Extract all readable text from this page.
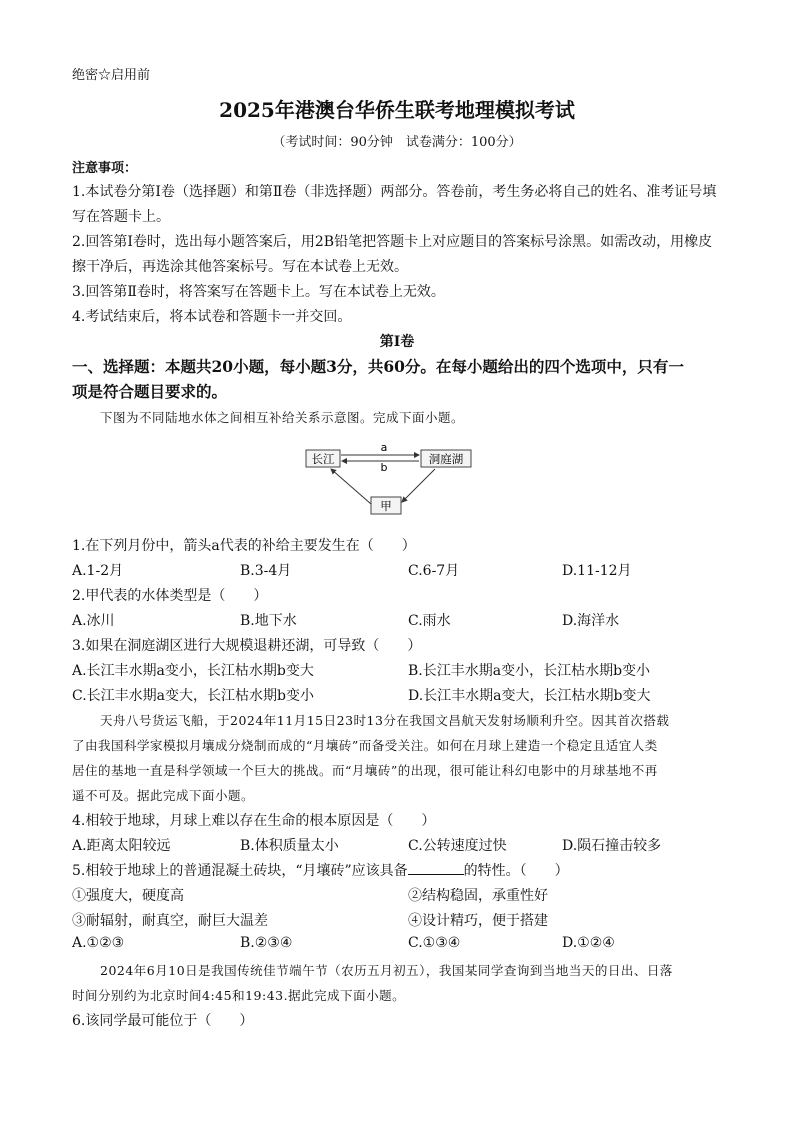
绝密☆启用前
2025年港澳台华侨生联考地理模拟考试
（考试时间：90分钟　试卷满分：100分）
注意事项：
1.本试卷分第Ⅰ卷（选择题）和第Ⅱ卷（非选择题）两部分。答卷前，考生务必将自己的姓名、准考证号填
写在答题卡上。
2.回答第Ⅰ卷时，选出每小题答案后，用2B铅笔把答题卡上对应题目的答案标号涂黑。如需改动，用橡皮
擦干净后，再选涂其他答案标号。写在本试卷上无效。
3.回答第Ⅱ卷时，将答案写在答题卡上。写在本试卷上无效。
4.考试结束后，将本试卷和答题卡一并交回。
第Ⅰ卷
一、选择题：本题共20小题，每小题3分，共60分。在每小题给出的四个选项中，只有一
项是符合题目要求的。
下图为不同陆地水体之间相互补给关系示意图。完成下面小题。
长江	洞庭湖
甲
a
b
1.在下列月份中，箭头a代表的补给主要发生在（　　）
A.1-2月	B.3-4月	C.6-7月	D.11-12月
2.甲代表的水体类型是（　　）
A.冰川	B.地下水	C.雨水	D.海洋水
3.如果在洞庭湖区进行大规模退耕还湖，可导致（　　）
A.长江丰水期a变小，长江枯水期b变大	B.长江丰水期a变小，长江枯水期b变小
C.长江丰水期a变大，长江枯水期b变小	D.长江丰水期a变大，长江枯水期b变大
天舟八号货运飞船，于2024年11月15日23时13分在我国文昌航天发射场顺利升空。因其首次搭载
了由我国科学家模拟月壤成分烧制而成的“月壤砖”而备受关注。如何在月球上建造一个稳定且适宜人类
居住的基地一直是科学领域一个巨大的挑战。而“月壤砖”的出现，很可能让科幻电影中的月球基地不再
遥不可及。据此完成下面小题。
4.相较于地球，月球上难以存在生命的根本原因是（　　）
A.距离太阳较远	B.体积质量太小	C.公转速度过快	D.陨石撞击较多
5.相较于地球上的普通混凝土砖块，“月壤砖”应该具备	的特性。（　　）
①强度大，硬度高	②结构稳固，承重性好
③耐辐射，耐真空，耐巨大温差	④设计精巧，便于搭建
A.①②③	B.②③④	C.①③④	D.①②④
2024年6月10日是我国传统佳节端午节（农历五月初五），我国某同学查询到当地当天的日出、日落
时间分别约为北京时间4:45和19:43.据此完成下面小题。
6.该同学最可能位于（　　）
